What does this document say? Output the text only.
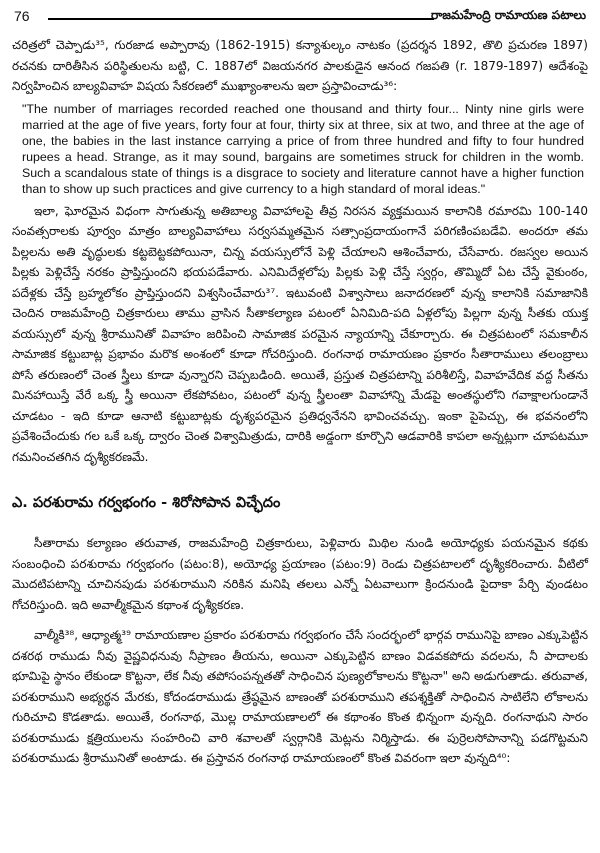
76	రాజమహేంద్రి రామాయణ పటాలు

చరిత్రలో చెప్పాడు³⁵, గురజాడ అప్పారావు (1862-1915) కన్యాశుల్కం నాటకం (ప్రదర్శన 1892, తొలి ప్రచురణ 1897) రచనకు దారితీసిన పరిస్థితులను బట్టి, C. 1887లో విజయనగర పాలకుడైన ఆనంద గజపతి (r. 1879-1897) ఆదేశంపై నిర్వహించిన బాల్యవివాహ విషయ సేకరణలో ముఖ్యాంశాలను ఇలా ప్రస్తావించాడు³⁶:

"The number of marriages recorded reached one thousand and thirty four... Ninty nine girls were married at the age of five years, forty four at four, thirty six at three, six at two, and three at the age of one, the babies in the last instance carrying a price of from three hundred and fifty to four hundred rupees a head. Strange, as it may sound, bargains are sometimes struck for children in the womb. Such a scandalous state of things is a disgrace to society and literature cannot have a higher function than to show up such practices and give currency to a high standard of moral ideas."

ఇలా, ఘోరమైన విధంగా సాగుతున్న అతిబాల్య వివాహాలపై తీవ్ర నిరసన వ్యక్తమయిన కాలానికి రమారమి 100-140 సంవత్సరాలకు పూర్వం మాత్రం బాల్యవివాహాలు సర్వసమ్మతమైన సత్సాంప్రదాయంగానే పరిగణింపబడేవి. అందరూ తమ పిల్లలను అతి వృద్ధులకు కట్టబెట్టకపోయినా, చిన్న వయస్సులోనే పెళ్లి చేయాలని ఆశించేవారు, చేసేవారు. రజస్వల అయిన పిల్లకు పెళ్లిచేస్తే నరకం ప్రాప్తిస్తుందని భయపడేవారు. ఎనిమిదేళ్లలోపు పిల్లకు పెళ్లి చేస్తే స్వర్గం, తొమ్మిదో ఏట చేస్తే వైకుంఠం, పదేళ్లకు చేస్తే బ్రహ్మలోకం ప్రాప్తిస్తుందని విశ్వసించేవారు³⁷. ఇటువంటి విశ్వాసాలు జనాదరణలో వున్న కాలానికి సమాజానికి చెందిన రాజమహేంద్రి చిత్రకారులు తాము వ్రాసిన సీతాకల్యాణ పటంలో ఏనిమిది-పది ఏళ్లలోపు పిల్లగా వున్న సీతకు యుక్త వయస్సులో వున్న శ్రీరామునితో వివాహం జరిపించి సామాజిక పరమైన న్యాయాన్ని చేకూర్చారు. ఈ చిత్రపటంలో సమకాలీన సామాజిక కట్టుబాట్ల ప్రభావం మరొక అంశంలో కూడా గోచరిస్తుంది. రంగనాథ రామాయణం ప్రకారం సీతారాములు తలంబ్రాలు పోసే తరుణంలో చెంత స్త్రీలు కూడా వున్నారని చెప్పబడింది. అయితే, ప్రస్తుత చిత్రపటాన్ని పరిశీలిస్తే, వివాహవేదిక వద్ద సీతను మినహాయిస్తే వేరే ఒక్క స్త్రీ అయినా లేకపోవటం, పటంలో వున్న స్త్రీలంతా వివాహాన్ని మేడపై అంతస్థులోని గవాక్షాలగుండానే చూడటం - ఇది కూడా ఆనాటి కట్టుబాట్లకు దృశ్యపరమైన ప్రతిధ్వనేనని భావించవచ్చు. ఇంకా పైపెచ్చు, ఈ భవనంలోని ప్రవేశించేందుకు గల ఒకే ఒక్క ద్వారం చెంత విశ్వామిత్రుడు, దారికి అడ్డంగా కూర్చొని ఆడవారికి కాపలా అన్నట్లుగా చూపటమూ గమనించతగిన దృశ్యీకరణమే.

ఎ. పరశురామ గర్వభంగం - శిరోసోపాన విచ్ఛేదం

సీతారామ కల్యాణం తరువాత, రాజమహేంద్రి చిత్రకారులు, పెళ్లివారు మిథిల నుండి అయోధ్యకు పయనమైన కథకు సంబంధించి పరశురామ గర్వభంగం (పటం:8), అయోధ్య ప్రయాణం (పటం:9) రెండు చిత్రపటాలలో దృశ్యీకరించారు. వీటిలో మొదటిపటాన్ని చూచినపుడు పరశురాముని నరికిన మనిషి తలలు ఎన్నో ఏటవాలుగా క్రిందనుండి పైదాకా పేర్చి వుండటం గోచరిస్తుంది. ఇది అవాల్మీకమైన కథాంశ దృశ్యీకరణ.

వాల్మీకి³⁸, ఆధ్యాత్మ³⁹ రామాయణాల ప్రకారం పరశురామ గర్వభంగం చేసే సందర్భంలో భార్గవ రామునిపై బాణం ఎక్కుపెట్టిన దశరథ రాముడు నీవు వైష్ణవిధనువు నీప్రాణం తీయను, అయినా ఎక్కుపెట్టిన బాణం విడవకపోదు వదలను, నీ పాదాలకు భూమిపై స్థానం లేకుండా కొట్టనా, లేక నీవు తపోసంపన్నతతో సాధించిన పుణ్యలోకాలను కొట్టనా" అని అడుగుతాడు. తరువాత, పరశురాముని అభ్యర్థన మేరకు, కోదండరాముడు త్రేష్ఠమైన బాణంతో పరశురాముని తపశ్శక్తితో సాధించిన సాటిలేని లోకాలను గురిచూచి కొడతాడు. అయితే, రంగనాథ, మొల్ల రామాయణాలలో ఈ కథాంశం కొంత భిన్నంగా వున్నది. రంగనాథుని సారం పరశురాముడు క్షత్రియులను సంహరించి వారి శవాలతో స్వర్గానికి మెట్లను నిర్మిస్తాడు. ఈ పుర్రెలసోపానాన్ని పడగొట్టమని పరశురాముడు శ్రీరామునితో అంటాడు. ఈ ప్రస్తావన రంగనాథ రామాయణంలో కొంత వివరంగా ఇలా వున్నది⁴⁰:
